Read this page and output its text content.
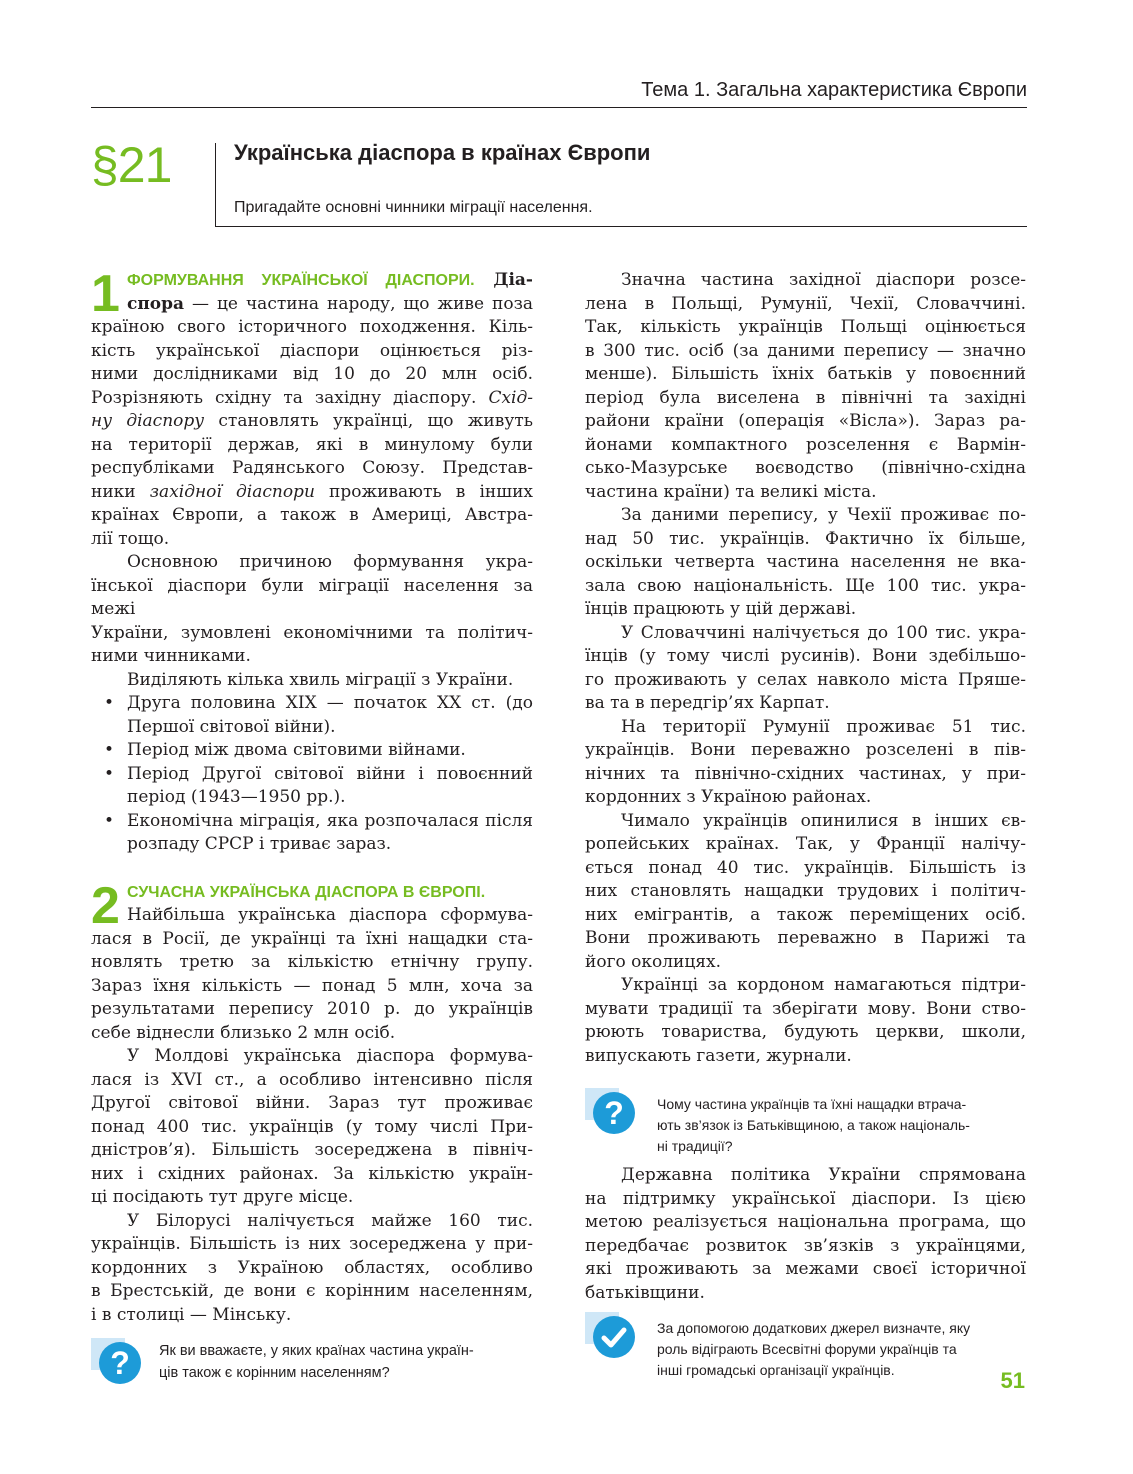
Тема 1. Загальна характеристика Європи
§21	Українська діаспора в країнах Європи
Пригадайте основні чинники міграції населення.
1 ФОРМУВАННЯ УКРАЇНСЬКОЇ ДІАСПОРИ. Діа-

спора — це частина народу, що живе поза

країною свого історичного походження. Кіль-

кість української діаспори оцінюється різ-

ними дослідниками від 10 до 20 млн осіб.

Розрізняють східну та західну діаспору. Схід-

ну діаспору становлять українці, що живуть

на території держав, які в минулому були

республіками Радянського Союзу. Представ-

ники західної діаспори проживають в інших

країнах Європи, а також в Америці, Австра-

лії тощо.

Основною причиною формування укра-

їнської діаспори були міграції населення за межі

України, зумовлені економічними та політич-

ними чинниками.

Виділяють кілька хвиль міграції з України.

• Друга половина XIX — початок XX ст. (до

Першої світової війни).

• Період між двома світовими війнами.

• Період Другої світової війни і повоєнний

період (1943—1950 рр.).

• Економічна міграція, яка розпочалася після

розпаду СРСР і триває зараз.

2 СУЧАСНА УКРАЇНСЬКА ДІАСПОРА В ЄВРОПІ.

Найбільша українська діаспора сформува-

лася в Росії, де українці та їхні нащадки ста-

новлять третю за кількістю етнічну групу.

Зараз їхня кількість — понад 5 млн, хоча за

результатами перепису 2010 р. до українців

себе віднесли близько 2 млн осіб.

У Молдові українська діаспора формува-

лася із XVI ст., а особливо інтенсивно після

Другої світової війни. Зараз тут проживає

понад 400 тис. українців (у тому числі При-

дністров’я). Більшість зосереджена в північ-

них і східних районах. За кількістю україн-

ці посідають тут друге місце.

У Білорусі налічується майже 160 тис.

українців. Більшість із них зосереджена у при-

кордонних з Україною областях, особливо

в Брестській, де вони є корінним населенням,

і в столиці — Мінську.

?	Як ви вважаєте, у яких країнах частина україн-
ців також є корінним населенням?

Значна частина західної діаспори розсе-

лена в Польщі, Румунії, Чехії, Словаччині.

Так, кількість українців Польщі оцінюється

в 300 тис. осіб (за даними перепису — значно

менше). Більшість їхніх батьків у повоєнний

період була виселена в північні та західні

райони країни (операція «Вісла»). Зараз ра-

йонами компактного розселення є Вармін-

сько-Мазурське воєводство (північно-східна

частина країни) та великі міста.

За даними перепису, у Чехії проживає по-

над 50 тис. українців. Фактично їх більше,

оскільки четверта частина населення не вка-

зала свою національність. Ще 100 тис. укра-

їнців працюють у цій державі.

У Словаччині налічується до 100 тис. укра-

їнців (у тому числі русинів). Вони здебільшо-

го проживають у селах навколо міста Пряше-

ва та в передгір’ях Карпат.

На території Румунії проживає 51 тис.

українців. Вони переважно розселені в пів-

нічних та північно-східних частинах, у при-

кордонних з Україною районах.

Чимало українців опинилися в інших єв-

ропейських країнах. Так, у Франції налічу-

ється понад 40 тис. українців. Більшість із

них становлять нащадки трудових і політич-

них емігрантів, а також переміщених осіб.

Вони проживають переважно в Парижі та

його околицях.

Українці за кордоном намагаються підтри-

мувати традиції та зберігати мову. Вони ство-

рюють товариства, будують церкви, школи,

випускають газети, журнали.

?	Чому частина українців та їхні нащадки втрача-
ють зв’язок із Батьківщиною, а також національ-
ні традиції?

Державна політика України спрямована

на підтримку української діаспори. Із цією

метою реалізується національна програма, що

передбачає розвиток зв’язків з українцями,

які проживають за межами своєї історичної

батьківщини.

За допомогою додаткових джерел визначте, яку
роль відіграють Всесвітні форуми українців та
інші громадські організації українців.	51
